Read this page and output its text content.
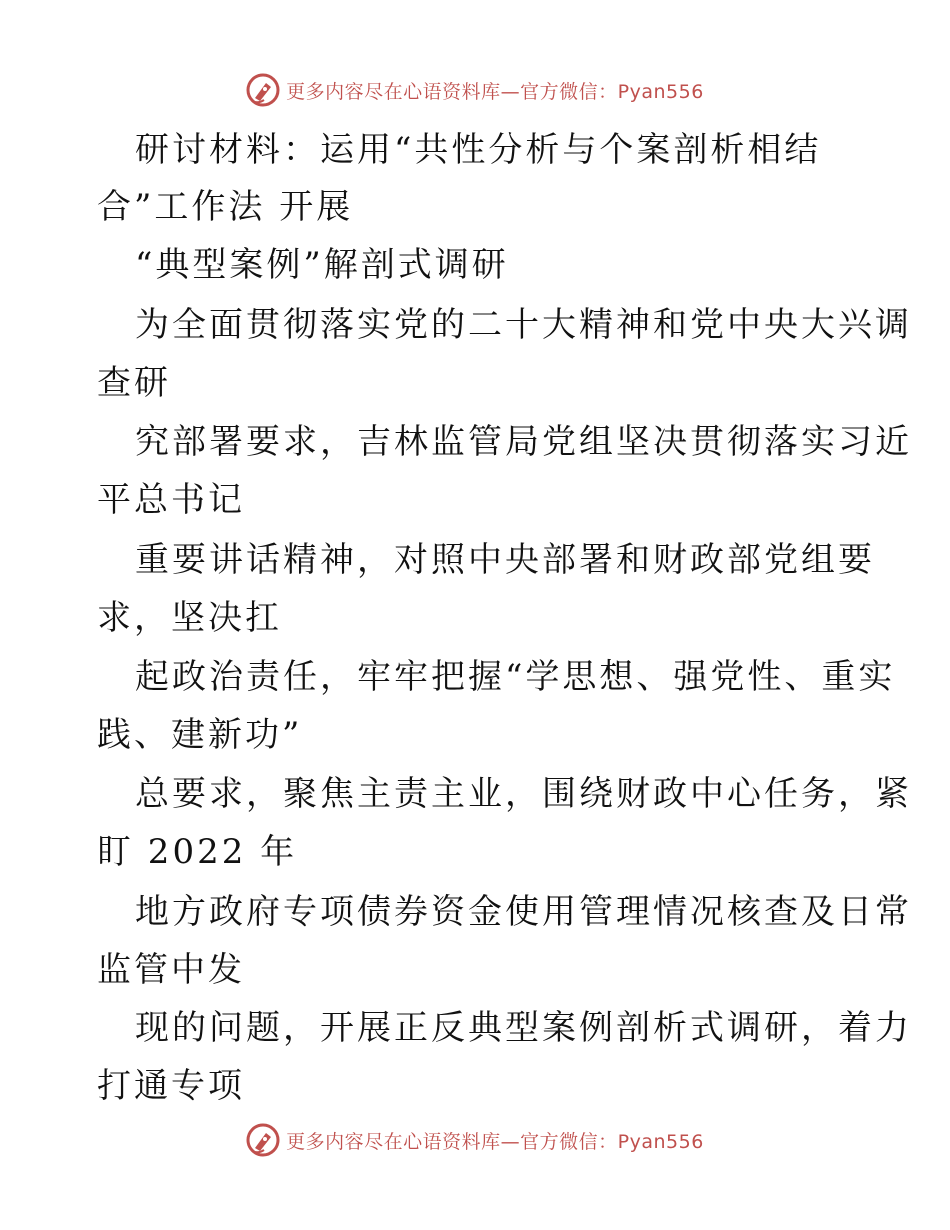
更多内容尽在心语资料库—官方微信：Pyan556
研讨材料：运用“共性分析与个案剖析相结
合”工作法 开展
“典型案例”解剖式调研
为全面贯彻落实党的二十大精神和党中央大兴调
查研
究部署要求，吉林监管局党组坚决贯彻落实习近
平总书记
重要讲话精神，对照中央部署和财政部党组要
求，坚决扛
起政治责任，牢牢把握“学思想、强党性、重实
践、建新功”
总要求，聚焦主责主业，围绕财政中心任务，紧
盯 2022 年
地方政府专项债券资金使用管理情况核查及日常
监管中发
现的问题，开展正反典型案例剖析式调研，着力
打通专项
更多内容尽在心语资料库—官方微信：Pyan556
